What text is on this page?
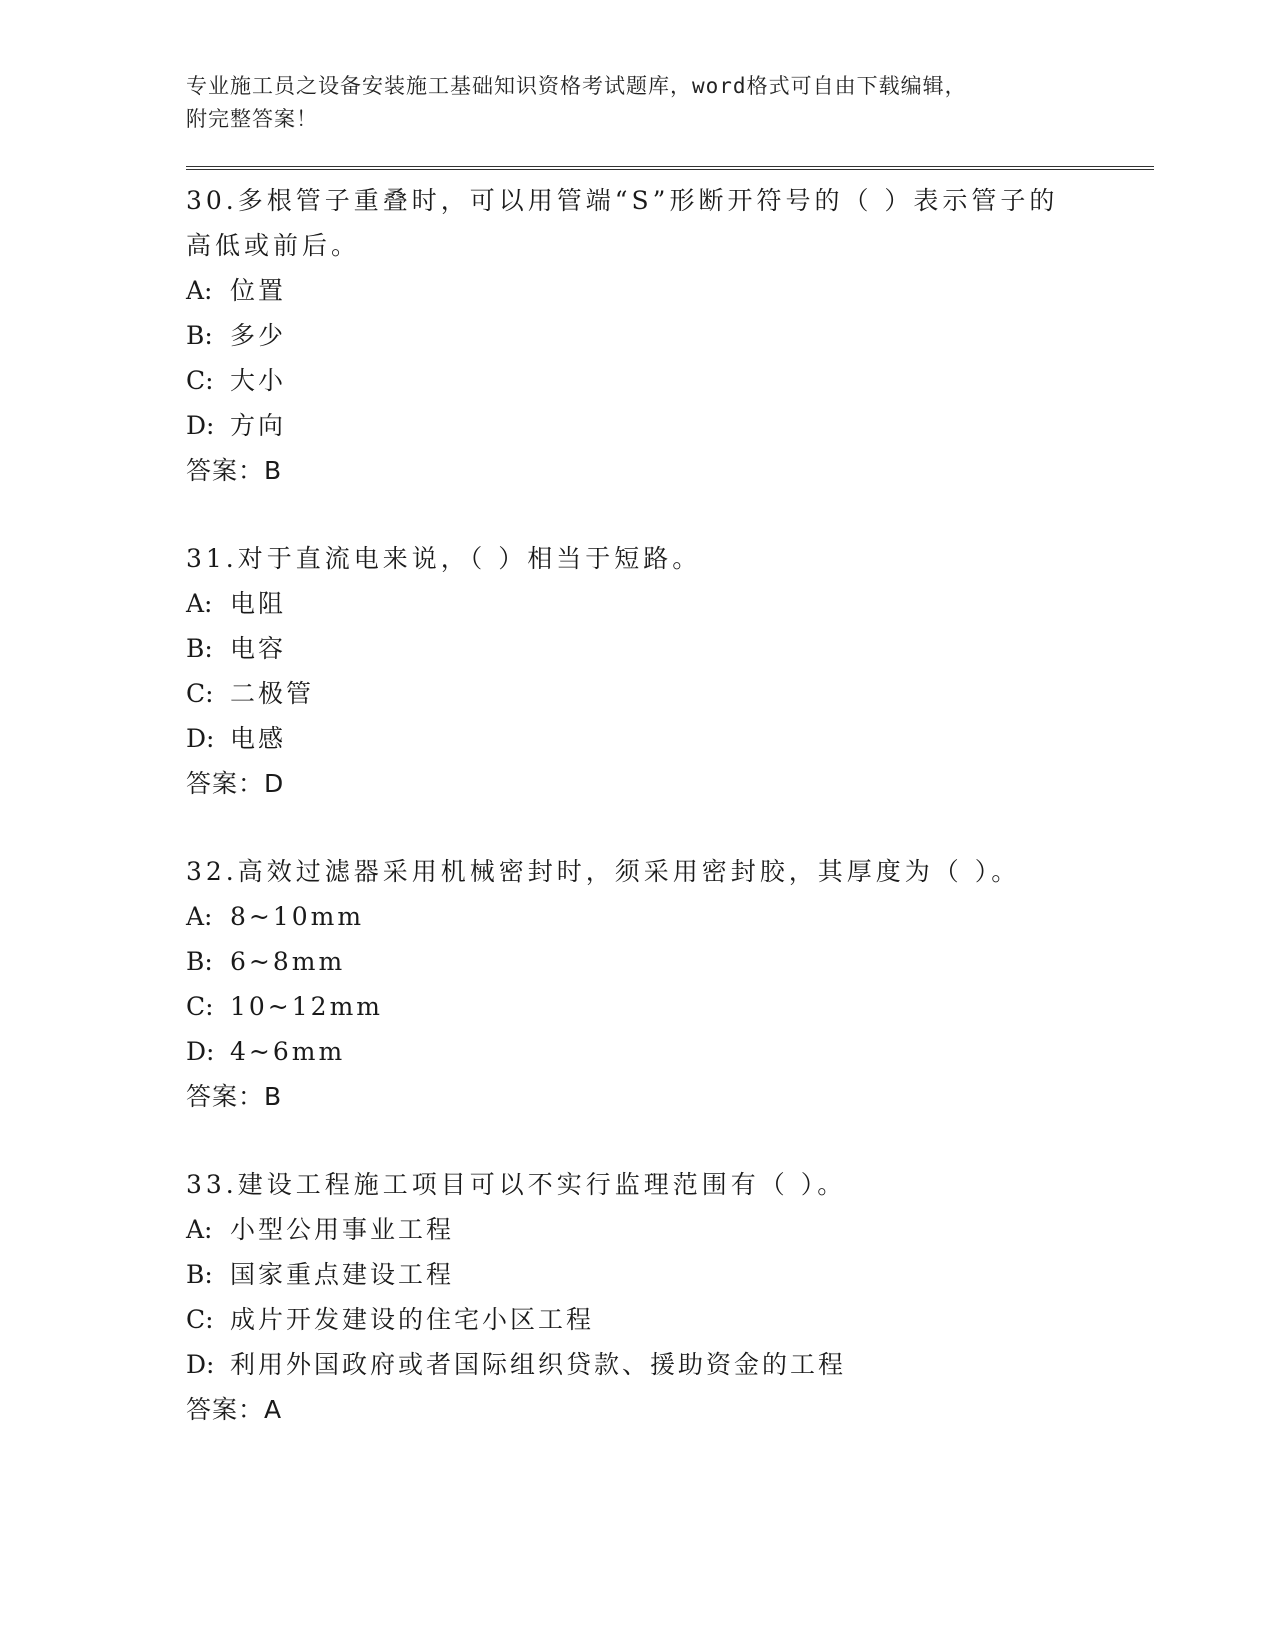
专业施工员之设备安装施工基础知识资格考试题库，word格式可自由下载编辑，
附完整答案！
30.多根管子重叠时，可以用管端“S”形断开符号的（ ）表示管子的高低或前后。
A: 位置
B: 多少
C: 大小
D: 方向
答案：B
31.对于直流电来说，（ ）相当于短路。
A: 电阻
B: 电容
C: 二极管
D: 电感
答案：D
32.高效过滤器采用机械密封时，须采用密封胶，其厚度为（ ）。
A: 8~10mm
B: 6~8mm
C: 10~12mm
D: 4~6mm
答案：B
33.建设工程施工项目可以不实行监理范围有（ ）。
A: 小型公用事业工程
B: 国家重点建设工程
C: 成片开发建设的住宅小区工程
D: 利用外国政府或者国际组织贷款、援助资金的工程
答案：A
